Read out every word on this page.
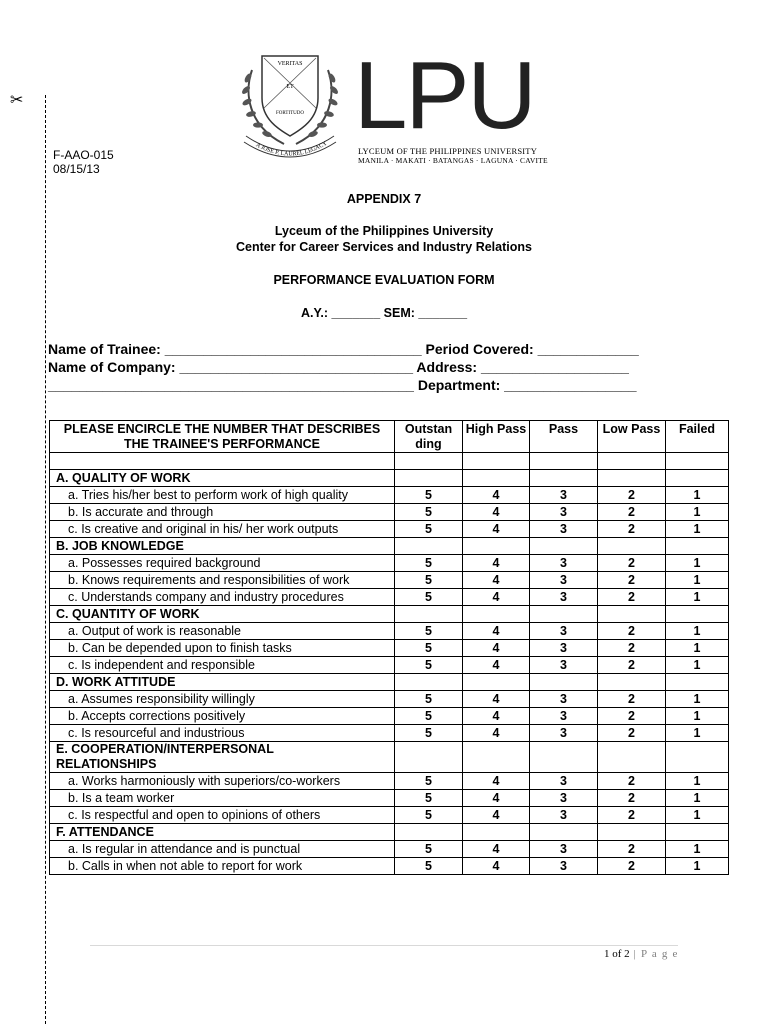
✂
F-AAO-015
08/15/13
VERITAS
ET
FORTITUDO
A JOSE P. LAUREL LEGACY LPU
LYCEUM OF THE PHILIPPINES UNIVERSITY
MANILA · MAKATI · BATANGAS · LAGUNA · CAVITE
APPENDIX 7
Lyceum of the Philippines University
Center for Career Services and Industry Relations
PERFORMANCE EVALUATION FORM
A.Y.: _______ SEM: _______
Name of Trainee: _________________________________ Period Covered: _____________
Name of Company: ______________________________ Address: ___________________
_______________________________________________ Department: _________________
PLEASE ENCIRCLE THE NUMBER THAT DESCRIBES THE TRAINEE'S PERFORMANCE	Outstan ding	High Pass	Pass	Low Pass	Failed

A. QUALITY OF WORK					
a. Tries his/her best to perform work of high quality	5	4	3	2	1
b. Is accurate and through	5	4	3	2	1
c. Is creative and original in his/ her work outputs	5	4	3	2	1
B. JOB KNOWLEDGE					
a. Possesses required background	5	4	3	2	1
b. Knows requirements and responsibilities of work	5	4	3	2	1
c. Understands company and industry procedures	5	4	3	2	1
C. QUANTITY OF WORK					
a. Output of work is reasonable	5	4	3	2	1
b. Can be depended upon to finish tasks	5	4	3	2	1
c. Is independent and responsible	5	4	3	2	1
D. WORK ATTITUDE					
a. Assumes responsibility willingly	5	4	3	2	1
b. Accepts corrections positively	5	4	3	2	1
c. Is resourceful and industrious	5	4	3	2	1
E. COOPERATION/INTERPERSONAL RELATIONSHIPS					
a. Works harmoniously with superiors/co-workers	5	4	3	2	1
b. Is a team worker	5	4	3	2	1
c. Is respectful and open to opinions of others	5	4	3	2	1
F. ATTENDANCE					
a. Is regular in attendance and is punctual	5	4	3	2	1
b. Calls in when not able to report for work	5	4	3	2	1
1 of 2 | P a g e
